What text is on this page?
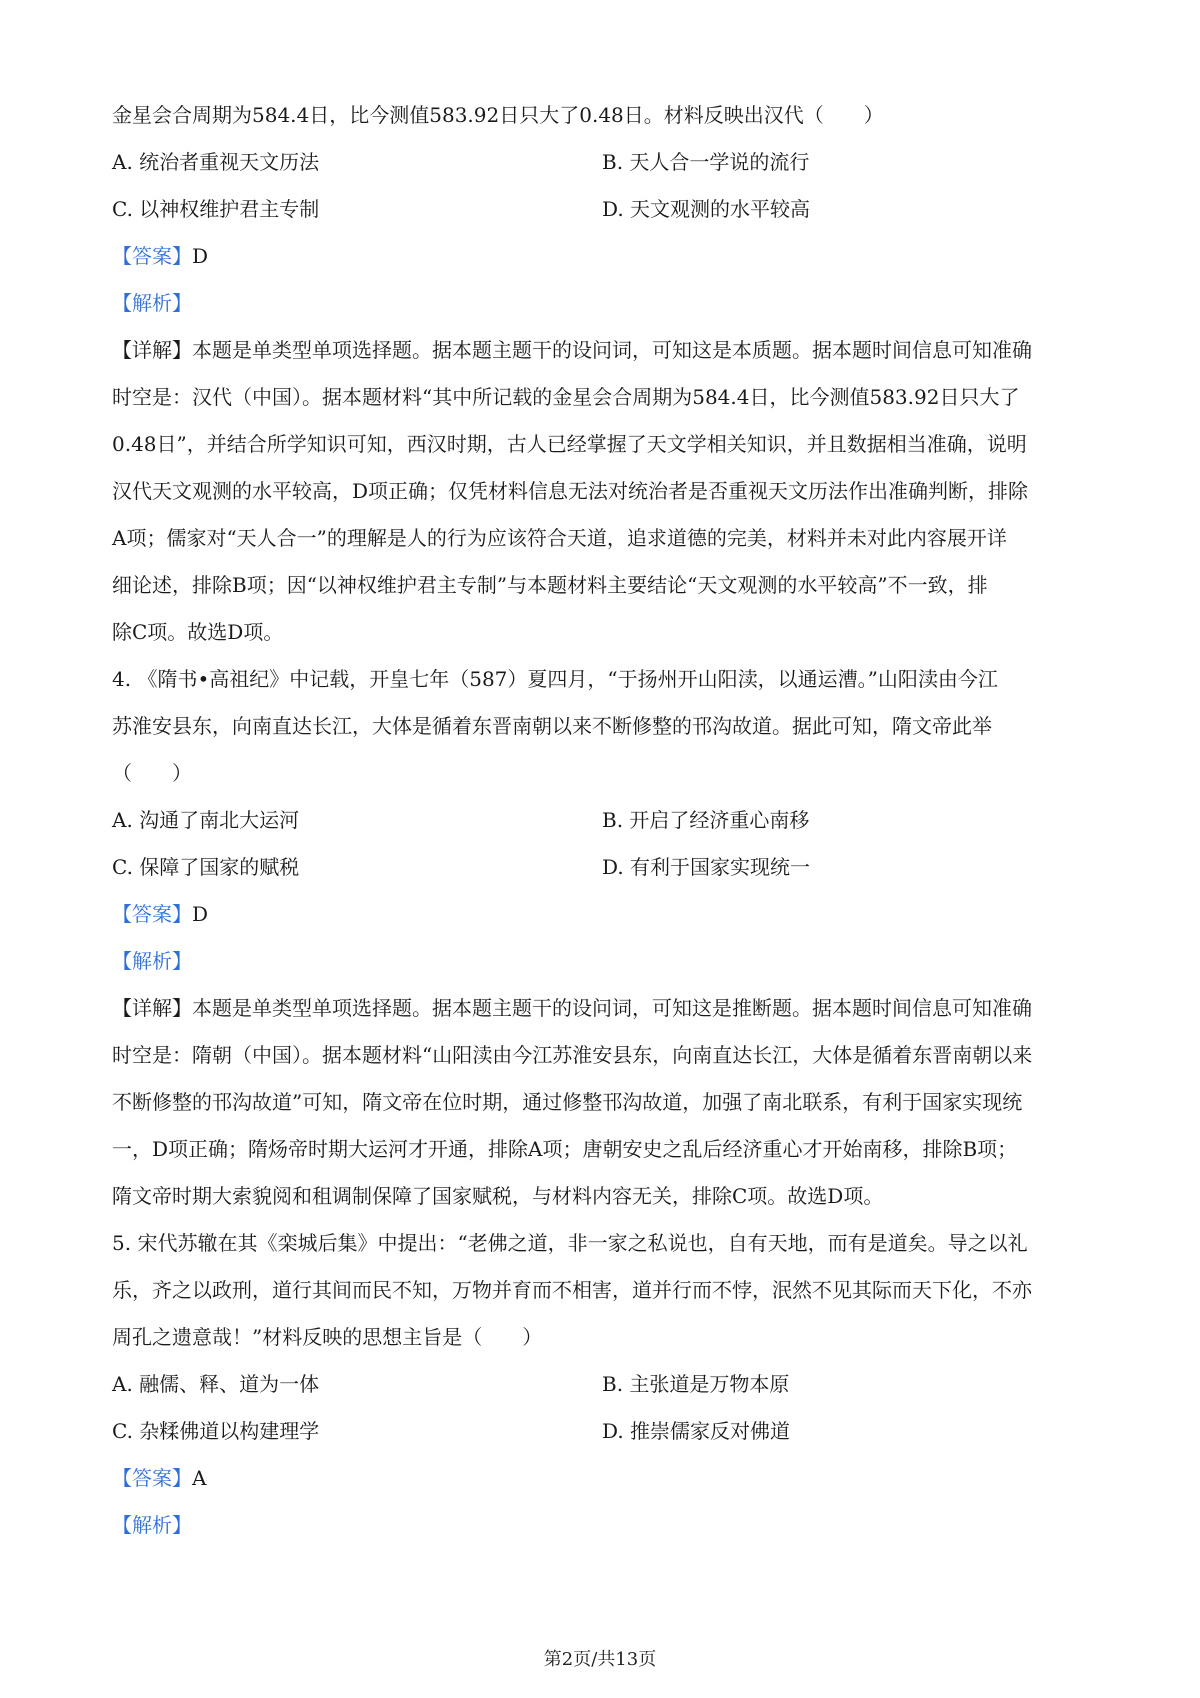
金星会合周期为584.4日，比今测值583.92日只大了0.48日。材料反映出汉代（　　）

A. 统治者重视天文历法	B. 天人合一学说的流行
C. 以神权维护君主专制	D. 天文观测的水平较高

【答案】D

【解析】

【详解】本题是单类型单项选择题。据本题主题干的设问词，可知这是本质题。据本题时间信息可知准确

时空是：汉代（中国）。据本题材料“其中所记载的金星会合周期为584.4日，比今测值583.92日只大了

0.48日”，并结合所学知识可知，西汉时期，古人已经掌握了天文学相关知识，并且数据相当准确，说明

汉代天文观测的水平较高，D项正确；仅凭材料信息无法对统治者是否重视天文历法作出准确判断，排除

A项；儒家对“天人合一”的理解是人的行为应该符合天道，追求道德的完美，材料并未对此内容展开详

细论述，排除B项；因“以神权维护君主专制”与本题材料主要结论“天文观测的水平较高”不一致，排

除C项。故选D项。

4. 《隋书•高祖纪》中记载，开皇七年（587）夏四月，“于扬州开山阳渎，以通运漕。”山阳渎由今江

苏淮安县东，向南直达长江，大体是循着东晋南朝以来不断修整的邗沟故道。据此可知，隋文帝此举

（　　）

A. 沟通了南北大运河	B. 开启了经济重心南移
C. 保障了国家的赋税	D. 有利于国家实现统一

【答案】D

【解析】

【详解】本题是单类型单项选择题。据本题主题干的设问词，可知这是推断题。据本题时间信息可知准确

时空是：隋朝（中国）。据本题材料“山阳渎由今江苏淮安县东，向南直达长江，大体是循着东晋南朝以来

不断修整的邗沟故道”可知，隋文帝在位时期，通过修整邗沟故道，加强了南北联系，有利于国家实现统

一，D项正确；隋炀帝时期大运河才开通，排除A项；唐朝安史之乱后经济重心才开始南移，排除B项；

隋文帝时期大索貌阅和租调制保障了国家赋税，与材料内容无关，排除C项。故选D项。

5. 宋代苏辙在其《栾城后集》中提出：“老佛之道，非一家之私说也，自有天地，而有是道矣。导之以礼

乐，齐之以政刑，道行其间而民不知，万物并育而不相害，道并行而不悖，泯然不见其际而天下化，不亦

周孔之遗意哉！”材料反映的思想主旨是（　　）

A. 融儒、释、道为一体	B. 主张道是万物本原
C. 杂糅佛道以构建理学	D. 推崇儒家反对佛道

【答案】A

【解析】

第2页/共13页
